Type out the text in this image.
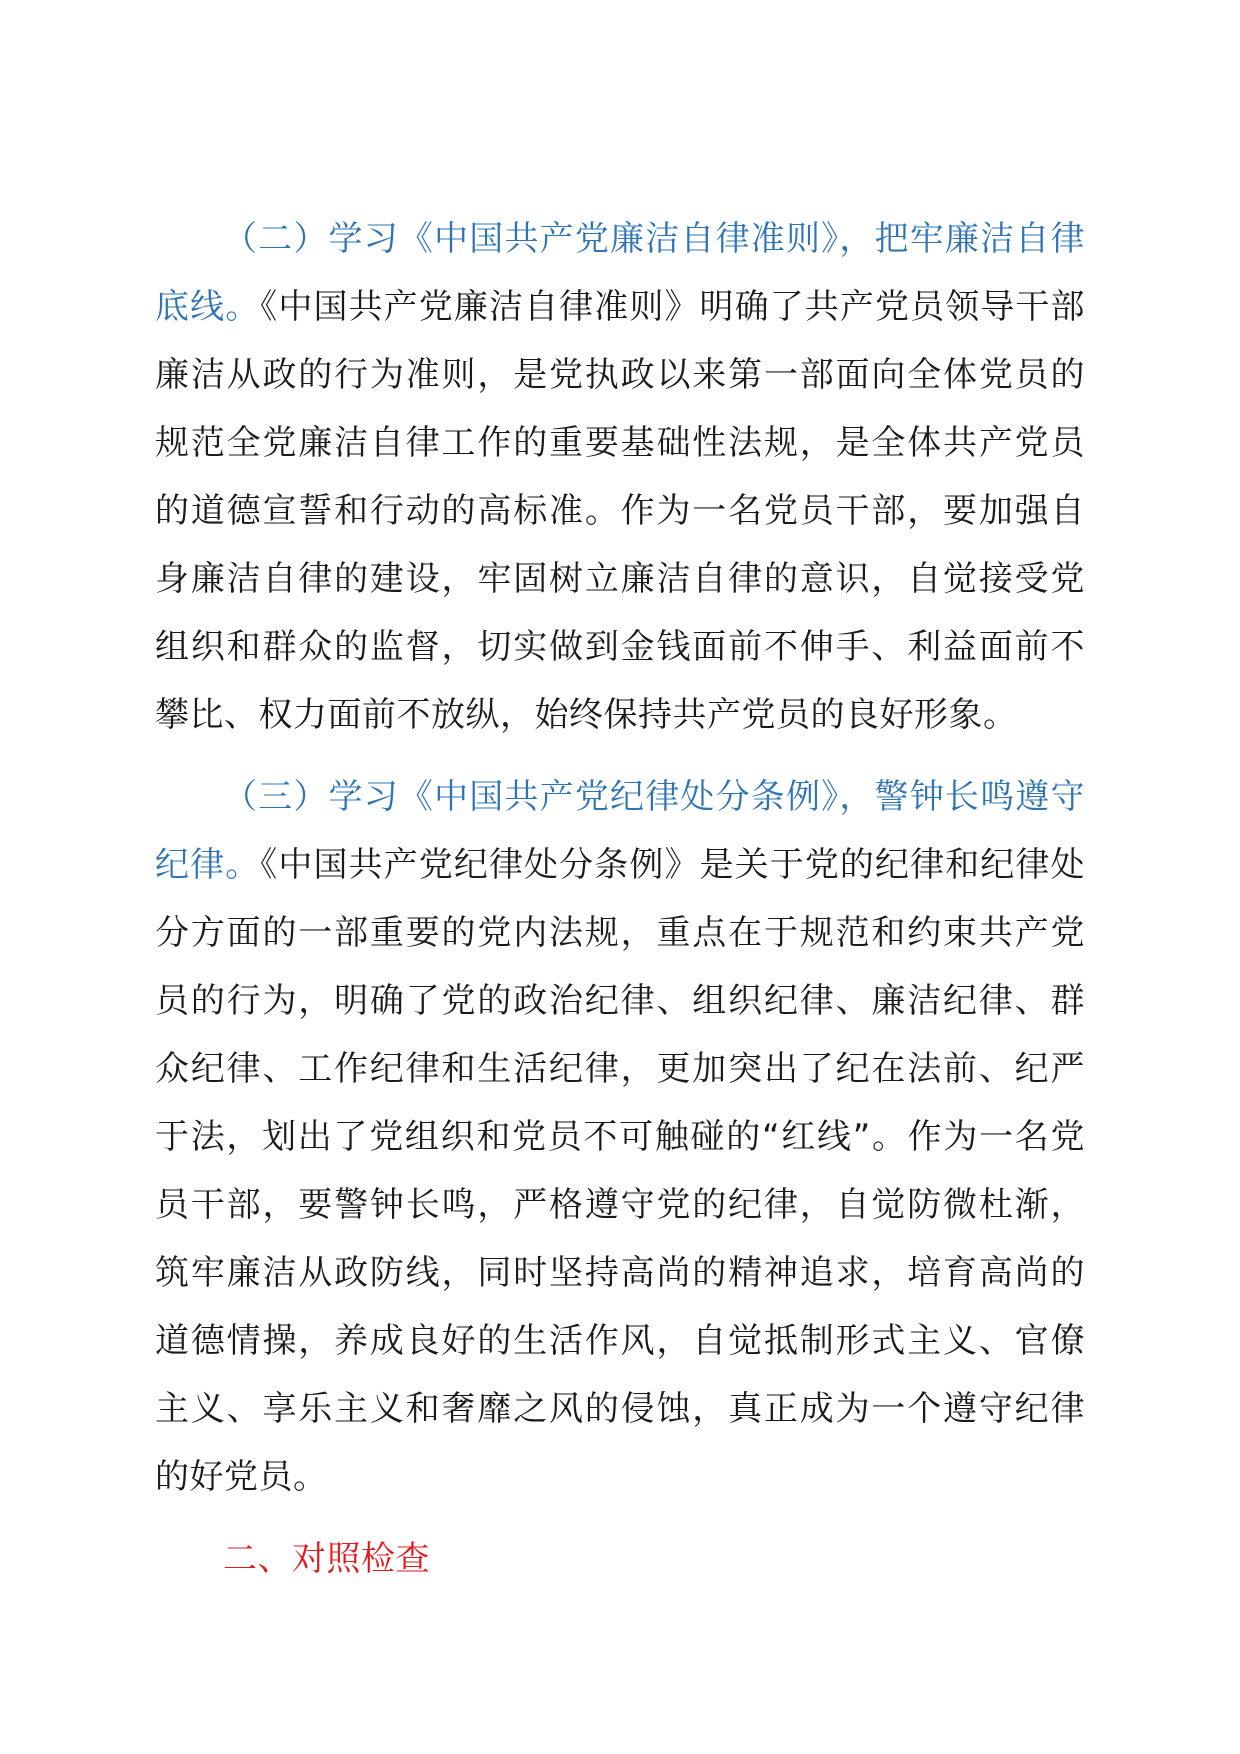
（二）学习《中国共产党廉洁自律准则》，把牢廉洁自律底线。《中国共产党廉洁自律准则》明确了共产党员领导干部廉洁从政的行为准则，是党执政以来第一部面向全体党员的规范全党廉洁自律工作的重要基础性法规，是全体共产党员的道德宣誓和行动的高标准。作为一名党员干部，要加强自身廉洁自律的建设，牢固树立廉洁自律的意识，自觉接受党组织和群众的监督，切实做到金钱面前不伸手、利益面前不攀比、权力面前不放纵，始终保持共产党员的良好形象。

（三）学习《中国共产党纪律处分条例》，警钟长鸣遵守纪律。《中国共产党纪律处分条例》是关于党的纪律和纪律处分方面的一部重要的党内法规，重点在于规范和约束共产党员的行为，明确了党的政治纪律、组织纪律、廉洁纪律、群众纪律、工作纪律和生活纪律，更加突出了纪在法前、纪严于法，划出了党组织和党员不可触碰的“红线”。作为一名党员干部，要警钟长鸣，严格遵守党的纪律，自觉防微杜渐，筑牢廉洁从政防线，同时坚持高尚的精神追求，培育高尚的道德情操，养成良好的生活作风，自觉抵制形式主义、官僚主义、享乐主义和奢靡之风的侵蚀，真正成为一个遵守纪律的好党员。

二、对照检查
